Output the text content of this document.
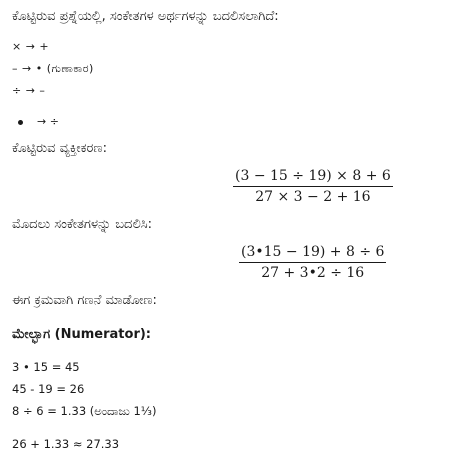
ಕೊಟ್ಟಿರುವ ಪ್ರಶ್ನೆಯಲ್ಲಿ, ಸಂಕೇತಗಳ ಅರ್ಥಗಳನ್ನು ಬದಲಿಸಲಾಗಿದೆ:
× → +
– → • (ಗುಣಾಕಾರ)
÷ → –
→ ÷
ಕೊಟ್ಟಿರುವ ವ್ಯಕ್ತೀಕರಣ:
(3 − 15 ÷ 19) × 8 + 6
27 × 3 − 2 + 16
ಮೊದಲು ಸಂಕೇತಗಳನ್ನು ಬದಲಿಸಿ:
(3•15 − 19) + 8 ÷ 6
27 + 3•2 ÷ 16
ಈಗ ಕ್ರಮವಾಗಿ ಗಣನೆ ಮಾಡೋಣ:
ಮೇಲ್ಭಾಗ (Numerator):
3 • 15 = 45
45 - 19 = 26
8 ÷ 6 = 1.33 (ಅಂದಾಜು 1⅓)
26 + 1.33 ≈ 27.33
